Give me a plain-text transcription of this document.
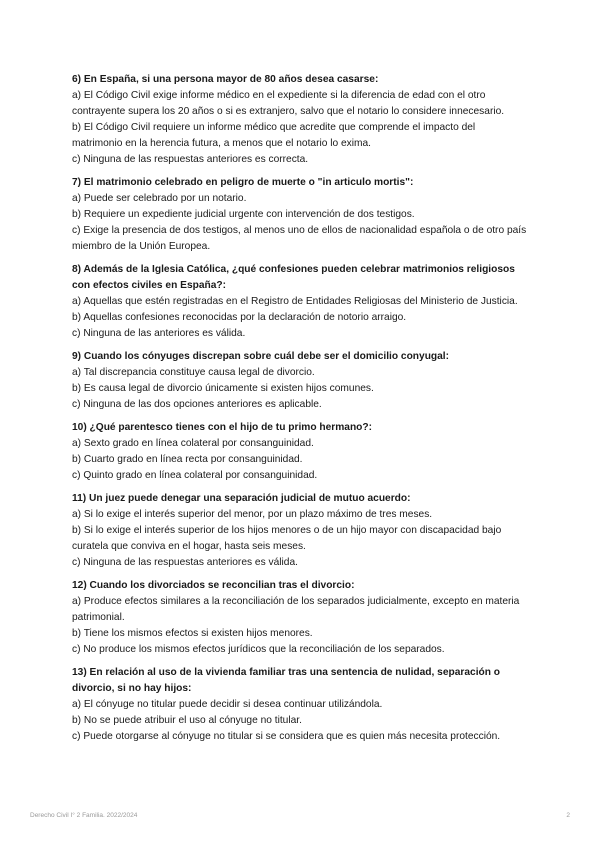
6) En España, si una persona mayor de 80 años desea casarse:

a) El Código Civil exige informe médico en el expediente si la diferencia de edad con el otro contrayente supera los 20 años o si es extranjero, salvo que el notario lo considere innecesario.

b) El Código Civil requiere un informe médico que acredite que comprende el impacto del matrimonio en la herencia futura, a menos que el notario lo exima.

c) Ninguna de las respuestas anteriores es correcta.

7) El matrimonio celebrado en peligro de muerte o "in articulo mortis":

a) Puede ser celebrado por un notario.

b) Requiere un expediente judicial urgente con intervención de dos testigos.

c) Exige la presencia de dos testigos, al menos uno de ellos de nacionalidad española o de otro país miembro de la Unión Europea.

8) Además de la Iglesia Católica, ¿qué confesiones pueden celebrar matrimonios religiosos con efectos civiles en España?:

a) Aquellas que estén registradas en el Registro de Entidades Religiosas del Ministerio de Justicia.

b) Aquellas confesiones reconocidas por la declaración de notorio arraigo.

c) Ninguna de las anteriores es válida.

9) Cuando los cónyuges discrepan sobre cuál debe ser el domicilio conyugal:

a) Tal discrepancia constituye causa legal de divorcio.

b) Es causa legal de divorcio únicamente si existen hijos comunes.

c) Ninguna de las dos opciones anteriores es aplicable.

10) ¿Qué parentesco tienes con el hijo de tu primo hermano?:

a) Sexto grado en línea colateral por consanguinidad.

b) Cuarto grado en línea recta por consanguinidad.

c) Quinto grado en línea colateral por consanguinidad.

11) Un juez puede denegar una separación judicial de mutuo acuerdo:

a) Si lo exige el interés superior del menor, por un plazo máximo de tres meses.

b) Si lo exige el interés superior de los hijos menores o de un hijo mayor con discapacidad bajo curatela que conviva en el hogar, hasta seis meses.

c) Ninguna de las respuestas anteriores es válida.

12) Cuando los divorciados se reconcilian tras el divorcio:

a) Produce efectos similares a la reconciliación de los separados judicialmente, excepto en materia patrimonial.

b) Tiene los mismos efectos si existen hijos menores.

c) No produce los mismos efectos jurídicos que la reconciliación de los separados.

13) En relación al uso de la vivienda familiar tras una sentencia de nulidad, separación o divorcio, si no hay hijos:

a) El cónyuge no titular puede decidir si desea continuar utilizándola.

b) No se puede atribuir el uso al cónyuge no titular.

c) Puede otorgarse al cónyuge no titular si se considera que es quien más necesita protección.

Derecho Civil I° 2 Familia. 2022/2024	2
